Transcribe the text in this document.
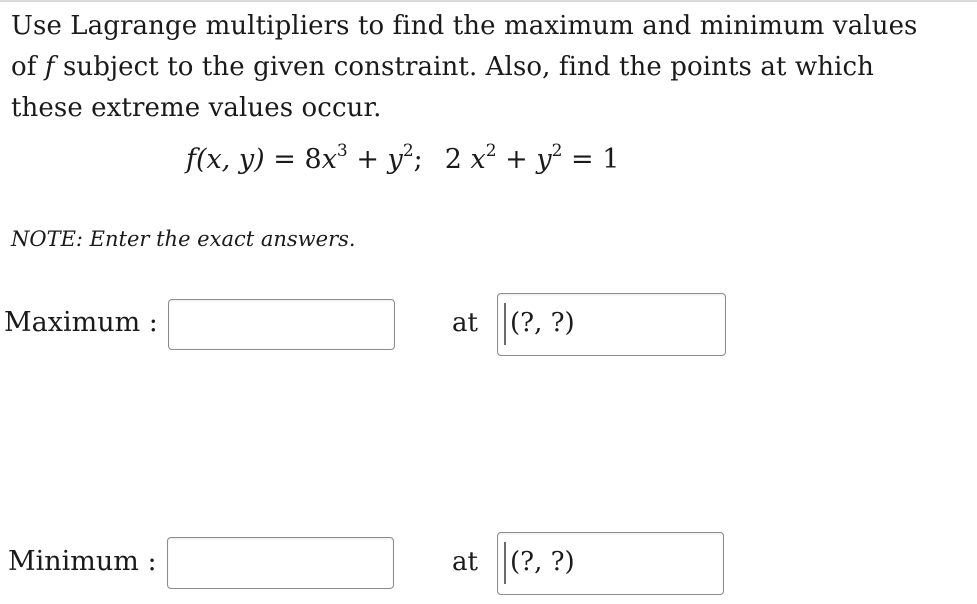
Use Lagrange multipliers to find the maximum and minimum values
of f subject to the given constraint. Also, find the points at which
these extreme values occur.
f(x, $y) = 8x^3 + y^2$; 2 $x^2 + y^2 = 1$
NOTE: Enter the exact answers.
Maximum :	at (?, ?)
Minimum :	at (?, ?)
